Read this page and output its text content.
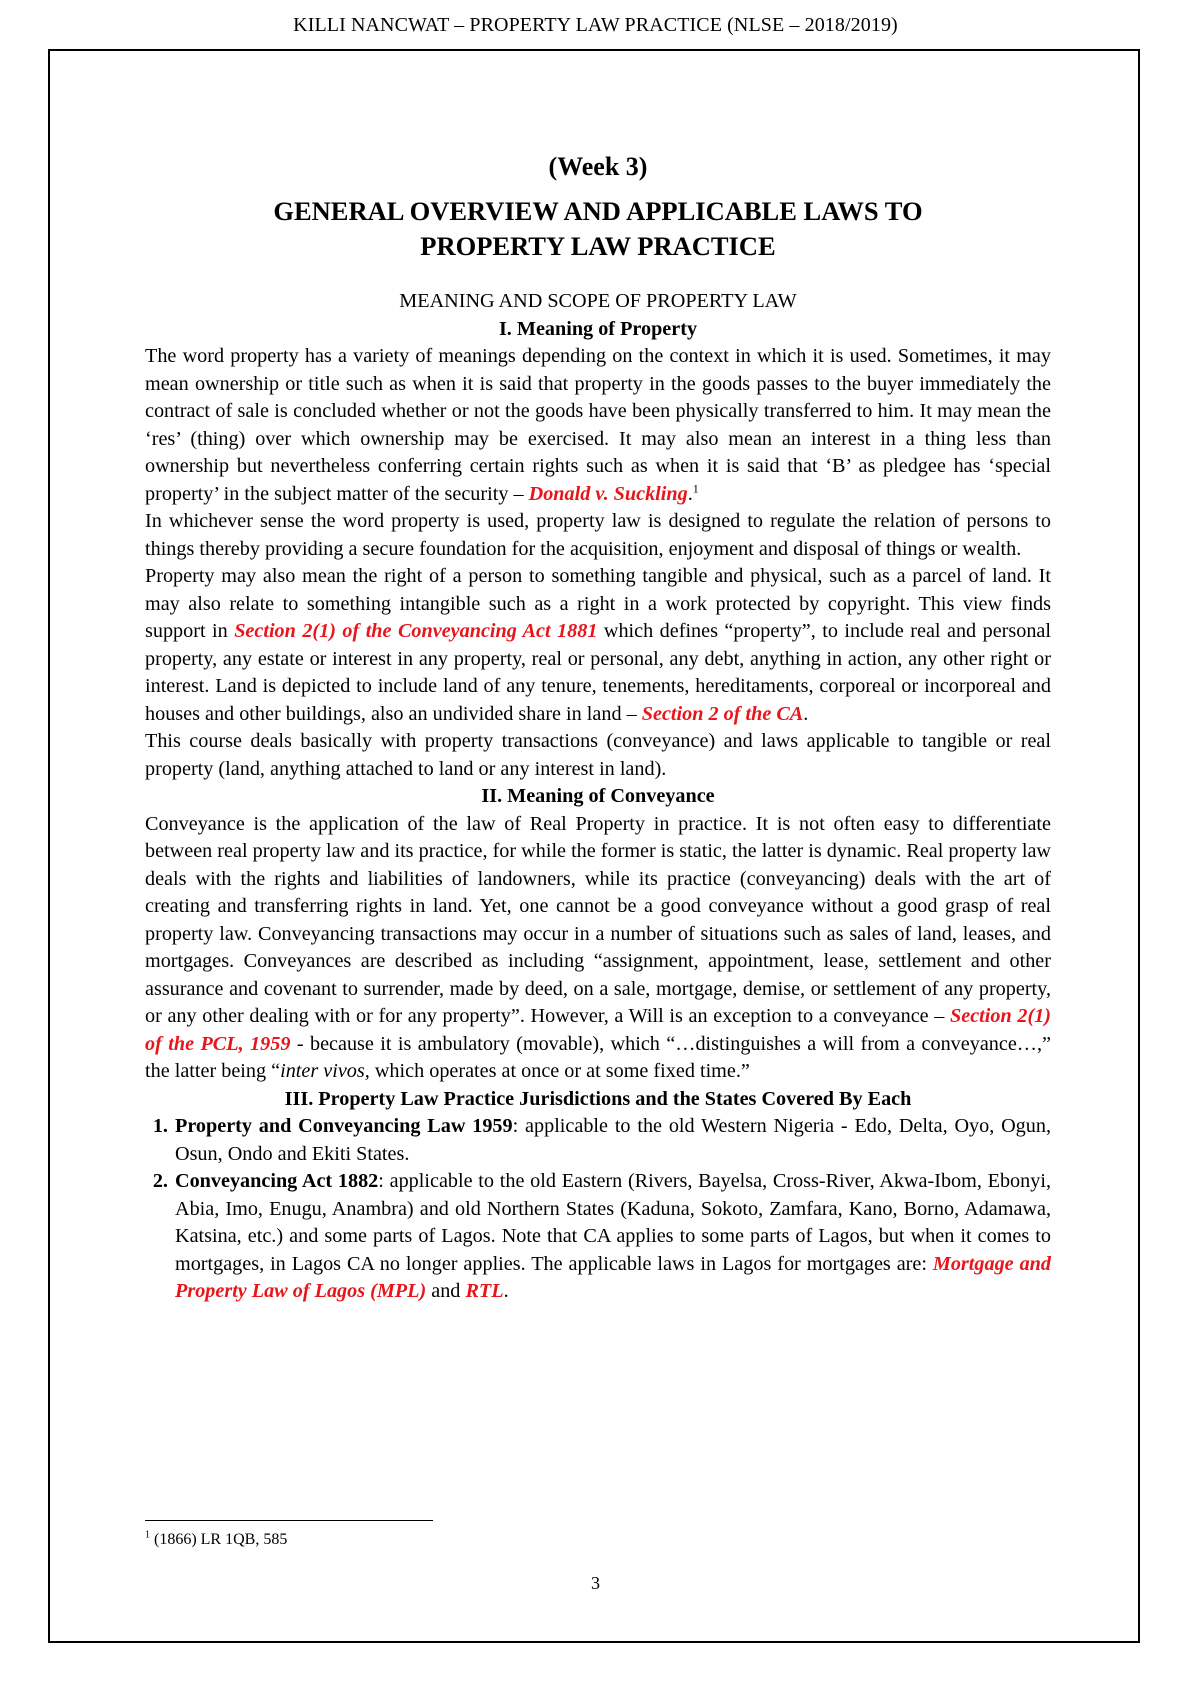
KILLI NANCWAT – PROPERTY LAW PRACTICE (NLSE – 2018/2019)
(Week 3)
GENERAL OVERVIEW AND APPLICABLE LAWS TO
PROPERTY LAW PRACTICE
MEANING AND SCOPE OF PROPERTY LAW
I. Meaning of Property

The word property has a variety of meanings depending on the context in which it is used. Sometimes, it may mean ownership or title such as when it is said that property in the goods passes to the buyer immediately the contract of sale is concluded whether or not the goods have been physically transferred to him. It may mean the ‘res’ (thing) over which ownership may be exercised. It may also mean an interest in a thing less than ownership but nevertheless conferring certain rights such as when it is said that ‘B’ as pledgee has ‘special property’ in the subject matter of the security – Donald v. Suckling.$^1$

In whichever sense the word property is used, property law is designed to regulate the relation of persons to things thereby providing a secure foundation for the acquisition, enjoyment and disposal of things or wealth.

Property may also mean the right of a person to something tangible and physical, such as a parcel of land. It may also relate to something intangible such as a right in a work protected by copyright. This view finds support in Section 2(1) of the Conveyancing Act 1881 which defines “property”, to include real and personal property, any estate or interest in any property, real or personal, any debt, anything in action, any other right or interest. Land is depicted to include land of any tenure, tenements, hereditaments, corporeal or incorporeal and houses and other buildings, also an undivided share in land – Section 2 of the CA.

This course deals basically with property transactions (conveyance) and laws applicable to tangible or real property (land, anything attached to land or any interest in land).

II. Meaning of Conveyance

Conveyance is the application of the law of Real Property in practice. It is not often easy to differentiate between real property law and its practice, for while the former is static, the latter is dynamic. Real property law deals with the rights and liabilities of landowners, while its practice (conveyancing) deals with the art of creating and transferring rights in land. Yet, one cannot be a good conveyance without a good grasp of real property law. Conveyancing transactions may occur in a number of situations such as sales of land, leases, and mortgages. Conveyances are described as including “assignment, appointment, lease, settlement and other assurance and covenant to surrender, made by deed, on a sale, mortgage, demise, or settlement of any property, or any other dealing with or for any property”. However, a Will is an exception to a conveyance – Section 2(1) of the PCL, 1959 - because it is ambulatory (movable), which “…distinguishes a will from a conveyance…,” the latter being “inter vivos, which operates at once or at some fixed time.”

III. Property Law Practice Jurisdictions and the States Covered By Each
1. Property and Conveyancing Law 1959: applicable to the old Western Nigeria - Edo, Delta, Oyo, Ogun, Osun, Ondo and Ekiti States.
2. Conveyancing Act 1882: applicable to the old Eastern (Rivers, Bayelsa, Cross-River, Akwa-Ibom, Ebonyi, Abia, Imo, Enugu, Anambra) and old Northern States (Kaduna, Sokoto, Zamfara, Kano, Borno, Adamawa, Katsina, etc.) and some parts of Lagos. Note that CA applies to some parts of Lagos, but when it comes to mortgages, in Lagos CA no longer applies. The applicable laws in Lagos for mortgages are: Mortgage and Property Law of Lagos (MPL) and RTL.
$^1$ (1866) LR 1QB, 585
3
